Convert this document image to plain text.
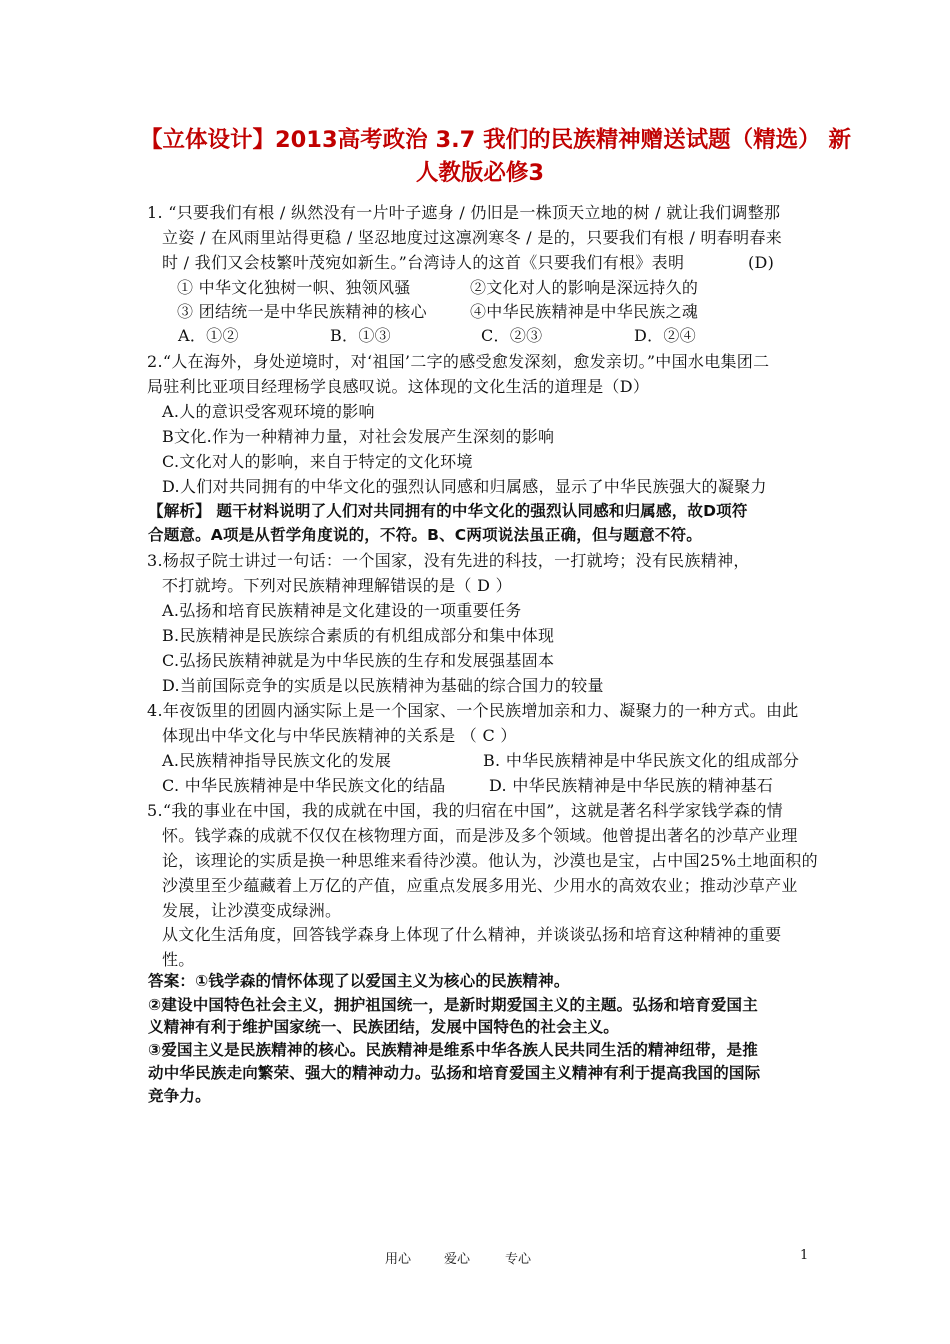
【立体设计】2013高考政治 3.7 我们的民族精神赠送试题（精选） 新
人教版必修3
1. “只要我们有根 / 纵然没有一片叶子遮身 / 仍旧是一株顶天立地的树 / 就让我们调整那
立姿 / 在风雨里站得更稳 / 坚忍地度过这凛冽寒冬 / 是的，只要我们有根 / 明春明春来
时 / 我们又会枝繁叶茂宛如新生。”台湾诗人的这首《只要我们有根》表明	(D)
① 中华文化独树一帜、独领风骚	②文化对人的影响是深远持久的
③ 团结统一是中华民族精神的核心	④中华民族精神是中华民族之魂
A．①②	B．①③	C．②③	D．②④
2.“人在海外，身处逆境时，对‘祖国’二字的感受愈发深刻，愈发亲切。”中国水电集团二
局驻利比亚项目经理杨学良感叹说。这体现的文化生活的道理是（D）
A.人的意识受客观环境的影响
B文化.作为一种精神力量，对社会发展产生深刻的影响
C.文化对人的影响，来自于特定的文化环境
D.人们对共同拥有的中华文化的强烈认同感和归属感，显示了中华民族强大的凝聚力
【解析】 题干材料说明了人们对共同拥有的中华文化的强烈认同感和归属感，故D项符
合题意。A项是从哲学角度说的，不符。B、C两项说法虽正确，但与题意不符。
3.杨叔子院士讲过一句话：一个国家，没有先进的科技，一打就垮；没有民族精神，
不打就垮。下列对民族精神理解错误的是（ D ）
A.弘扬和培育民族精神是文化建设的一项重要任务
B.民族精神是民族综合素质的有机组成部分和集中体现
C.弘扬民族精神就是为中华民族的生存和发展强基固本
D.当前国际竞争的实质是以民族精神为基础的综合国力的较量
4.年夜饭里的团圆内涵实际上是一个国家、一个民族增加亲和力、凝聚力的一种方式。由此
体现出中华文化与中华民族精神的关系是 （ C ）
A.民族精神指导民族文化的发展	B. 中华民族精神是中华民族文化的组成部分
C. 中华民族精神是中华民族文化的结晶	D. 中华民族精神是中华民族的精神基石
5.“我的事业在中国，我的成就在中国，我的归宿在中国”，这就是著名科学家钱学森的情
怀。钱学森的成就不仅仅在核物理方面，而是涉及多个领域。他曾提出著名的沙草产业理
论，该理论的实质是换一种思维来看待沙漠。他认为，沙漠也是宝，占中国25%土地面积的
沙漠里至少蕴藏着上万亿的产值，应重点发展多用光、少用水的高效农业；推动沙草产业
发展，让沙漠变成绿洲。
从文化生活角度，回答钱学森身上体现了什么精神，并谈谈弘扬和培育这种精神的重要
性。
答案：①钱学森的情怀体现了以爱国主义为核心的民族精神。
②建设中国特色社会主义，拥护祖国统一，是新时期爱国主义的主题。弘扬和培育爱国主
义精神有利于维护国家统一、民族团结，发展中国特色的社会主义。
③爱国主义是民族精神的核心。民族精神是维系中华各族人民共同生活的精神纽带，是推
动中华民族走向繁荣、强大的精神动力。弘扬和培育爱国主义精神有利于提高我国的国际
竞争力。
用心	爱心	专心	1
